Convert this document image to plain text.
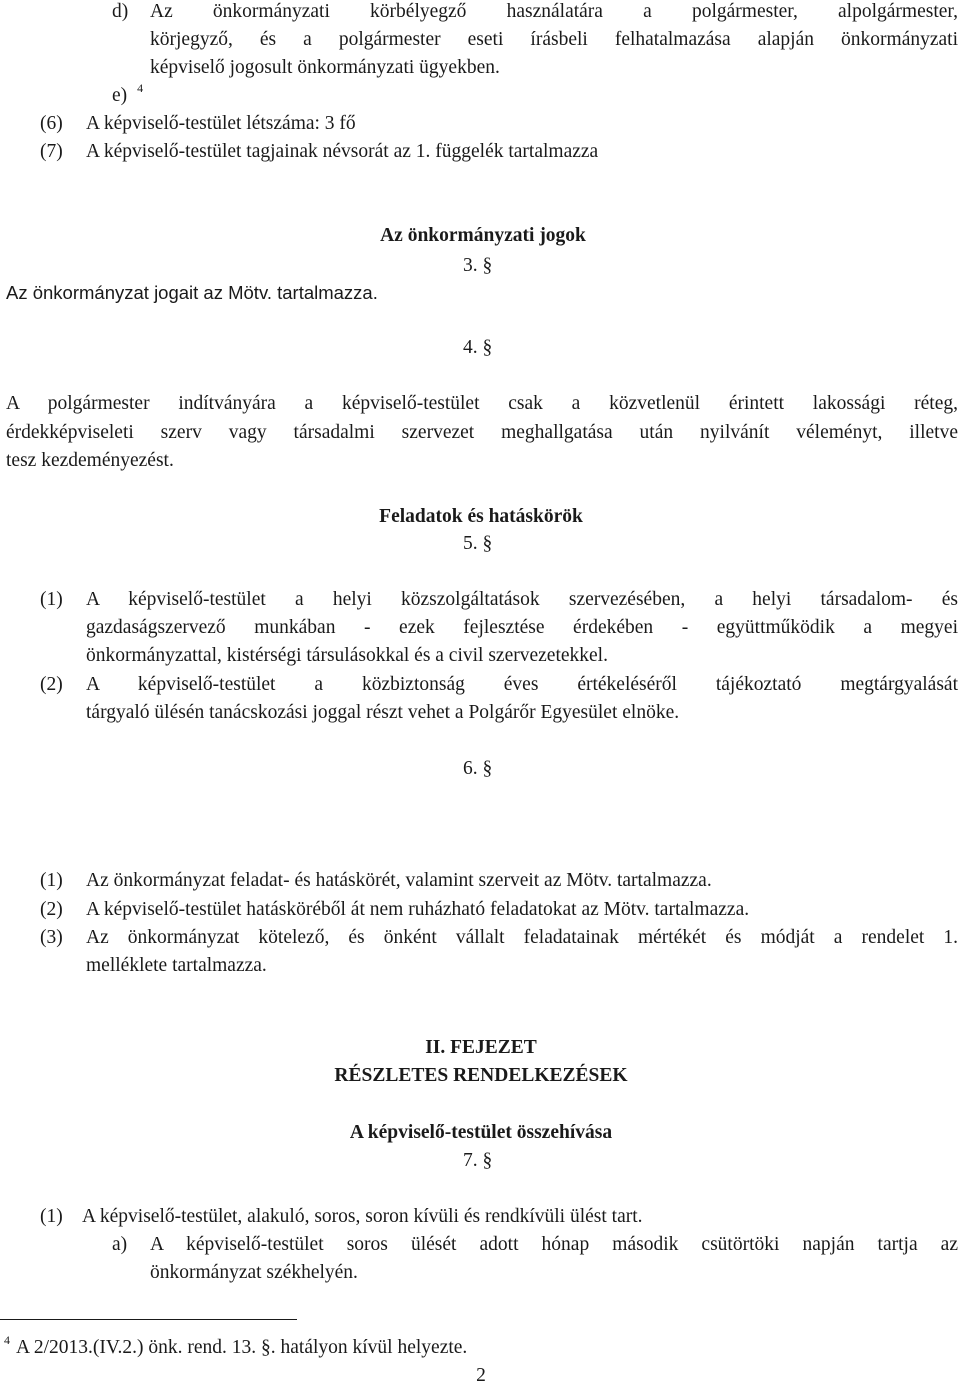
d) Az önkormányzati körbélyegző használatára a polgármester, alpolgármester,
körjegyző, és a polgármester eseti írásbeli felhatalmazása alapján önkormányzati
képviselő jogosult önkormányzati ügyekben.
e) $^4$
(6) A képviselő-testület létszáma: 3 fő
(7) A képviselő-testület tagjainak névsorát az 1. függelék tartalmazza
Az önkormányzati jogok
3. §
Az önkormányzat jogait az Mötv. tartalmazza.
4. §
A polgármester indítványára a képviselő-testület csak a közvetlenül érintett lakossági réteg,
érdekképviseleti szerv vagy társadalmi szervezet meghallgatása után nyilvánít véleményt, illetve
tesz kezdeményezést.
Feladatok és hatáskörök
5. §
(1) A képviselő-testület a helyi közszolgáltatások szervezésében, a helyi társadalom- és
gazdaságszervező munkában - ezek fejlesztése érdekében - együttműködik a megyei
önkormányzattal, kistérségi társulásokkal és a civil szervezetekkel.
(2) A képviselő-testület a közbiztonság éves értékeléséről tájékoztató megtárgyalását
tárgyaló ülésén tanácskozási joggal részt vehet a Polgárőr Egyesület elnöke.
6. §
(1) Az önkormányzat feladat- és hatáskörét, valamint szerveit az Mötv. tartalmazza.
(2) A képviselő-testület hatásköréből át nem ruházható feladatokat az Mötv. tartalmazza.
(3) Az önkormányzat kötelező, és önként vállalt feladatainak mértékét és módját a rendelet 1.
melléklete tartalmazza.
II. FEJEZET
RÉSZLETES RENDELKEZÉSEK
A képviselő-testület összehívása
7. §
(1) A képviselő-testület, alakuló, soros, soron kívüli és rendkívüli ülést tart.
a) A képviselő-testület soros ülését adott hónap második csütörtöki napján tartja az
önkormányzat székhelyén.
$^4$ A 2/2013.(IV.2.) önk. rend. 13. §. hatályon kívül helyezte.
2
